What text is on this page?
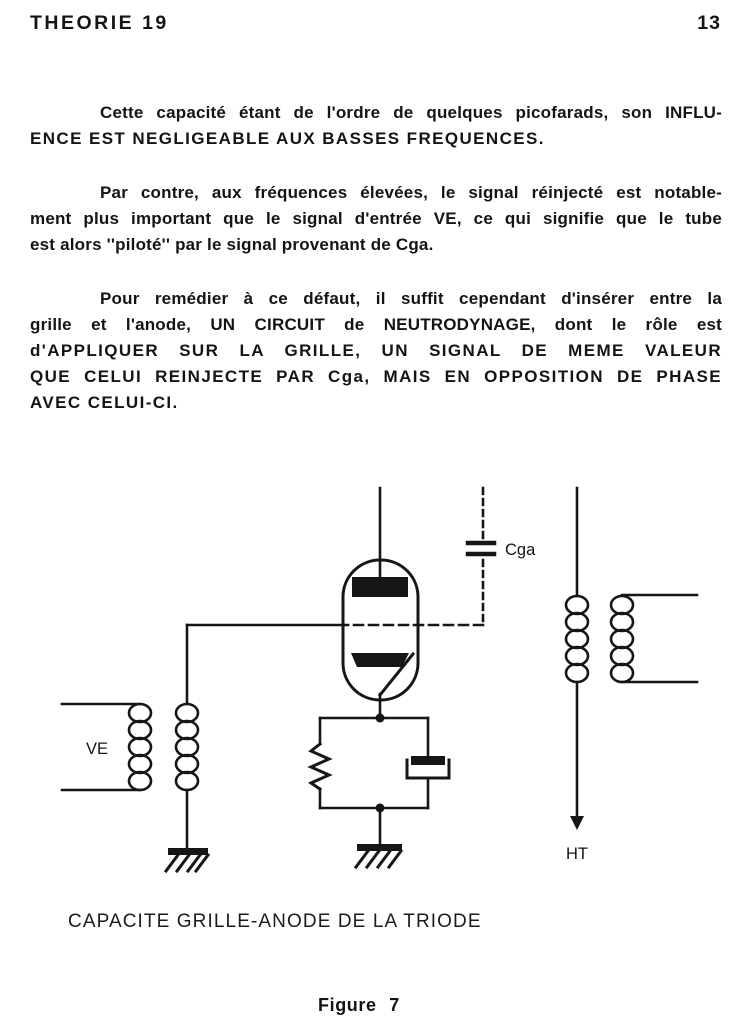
THEORIE 19	13
Cette capacité étant de l'ordre de quelques picofarads, son INFLU-
ENCE EST NEGLIGEABLE AUX BASSES FREQUENCES.
Par contre, aux fréquences élevées, le signal réinjecté est notable-
ment plus important que le signal d'entrée VE, ce qui signifie que le tube
est alors ''piloté'' par le signal provenant de Cga.
Pour remédier à ce défaut, il suffit cependant d'insérer entre la
grille et l'anode, UN CIRCUIT de NEUTRODYNAGE, dont le rôle est
d'APPLIQUER SUR LA GRILLE, UN SIGNAL DE MEME VALEUR
QUE CELUI REINJECTE PAR Cga, MAIS EN OPPOSITION DE PHASE
AVEC CELUI-CI.
Cga
VE
HT
CAPACITE GRILLE-ANODE DE LA TRIODE
Figure 7
